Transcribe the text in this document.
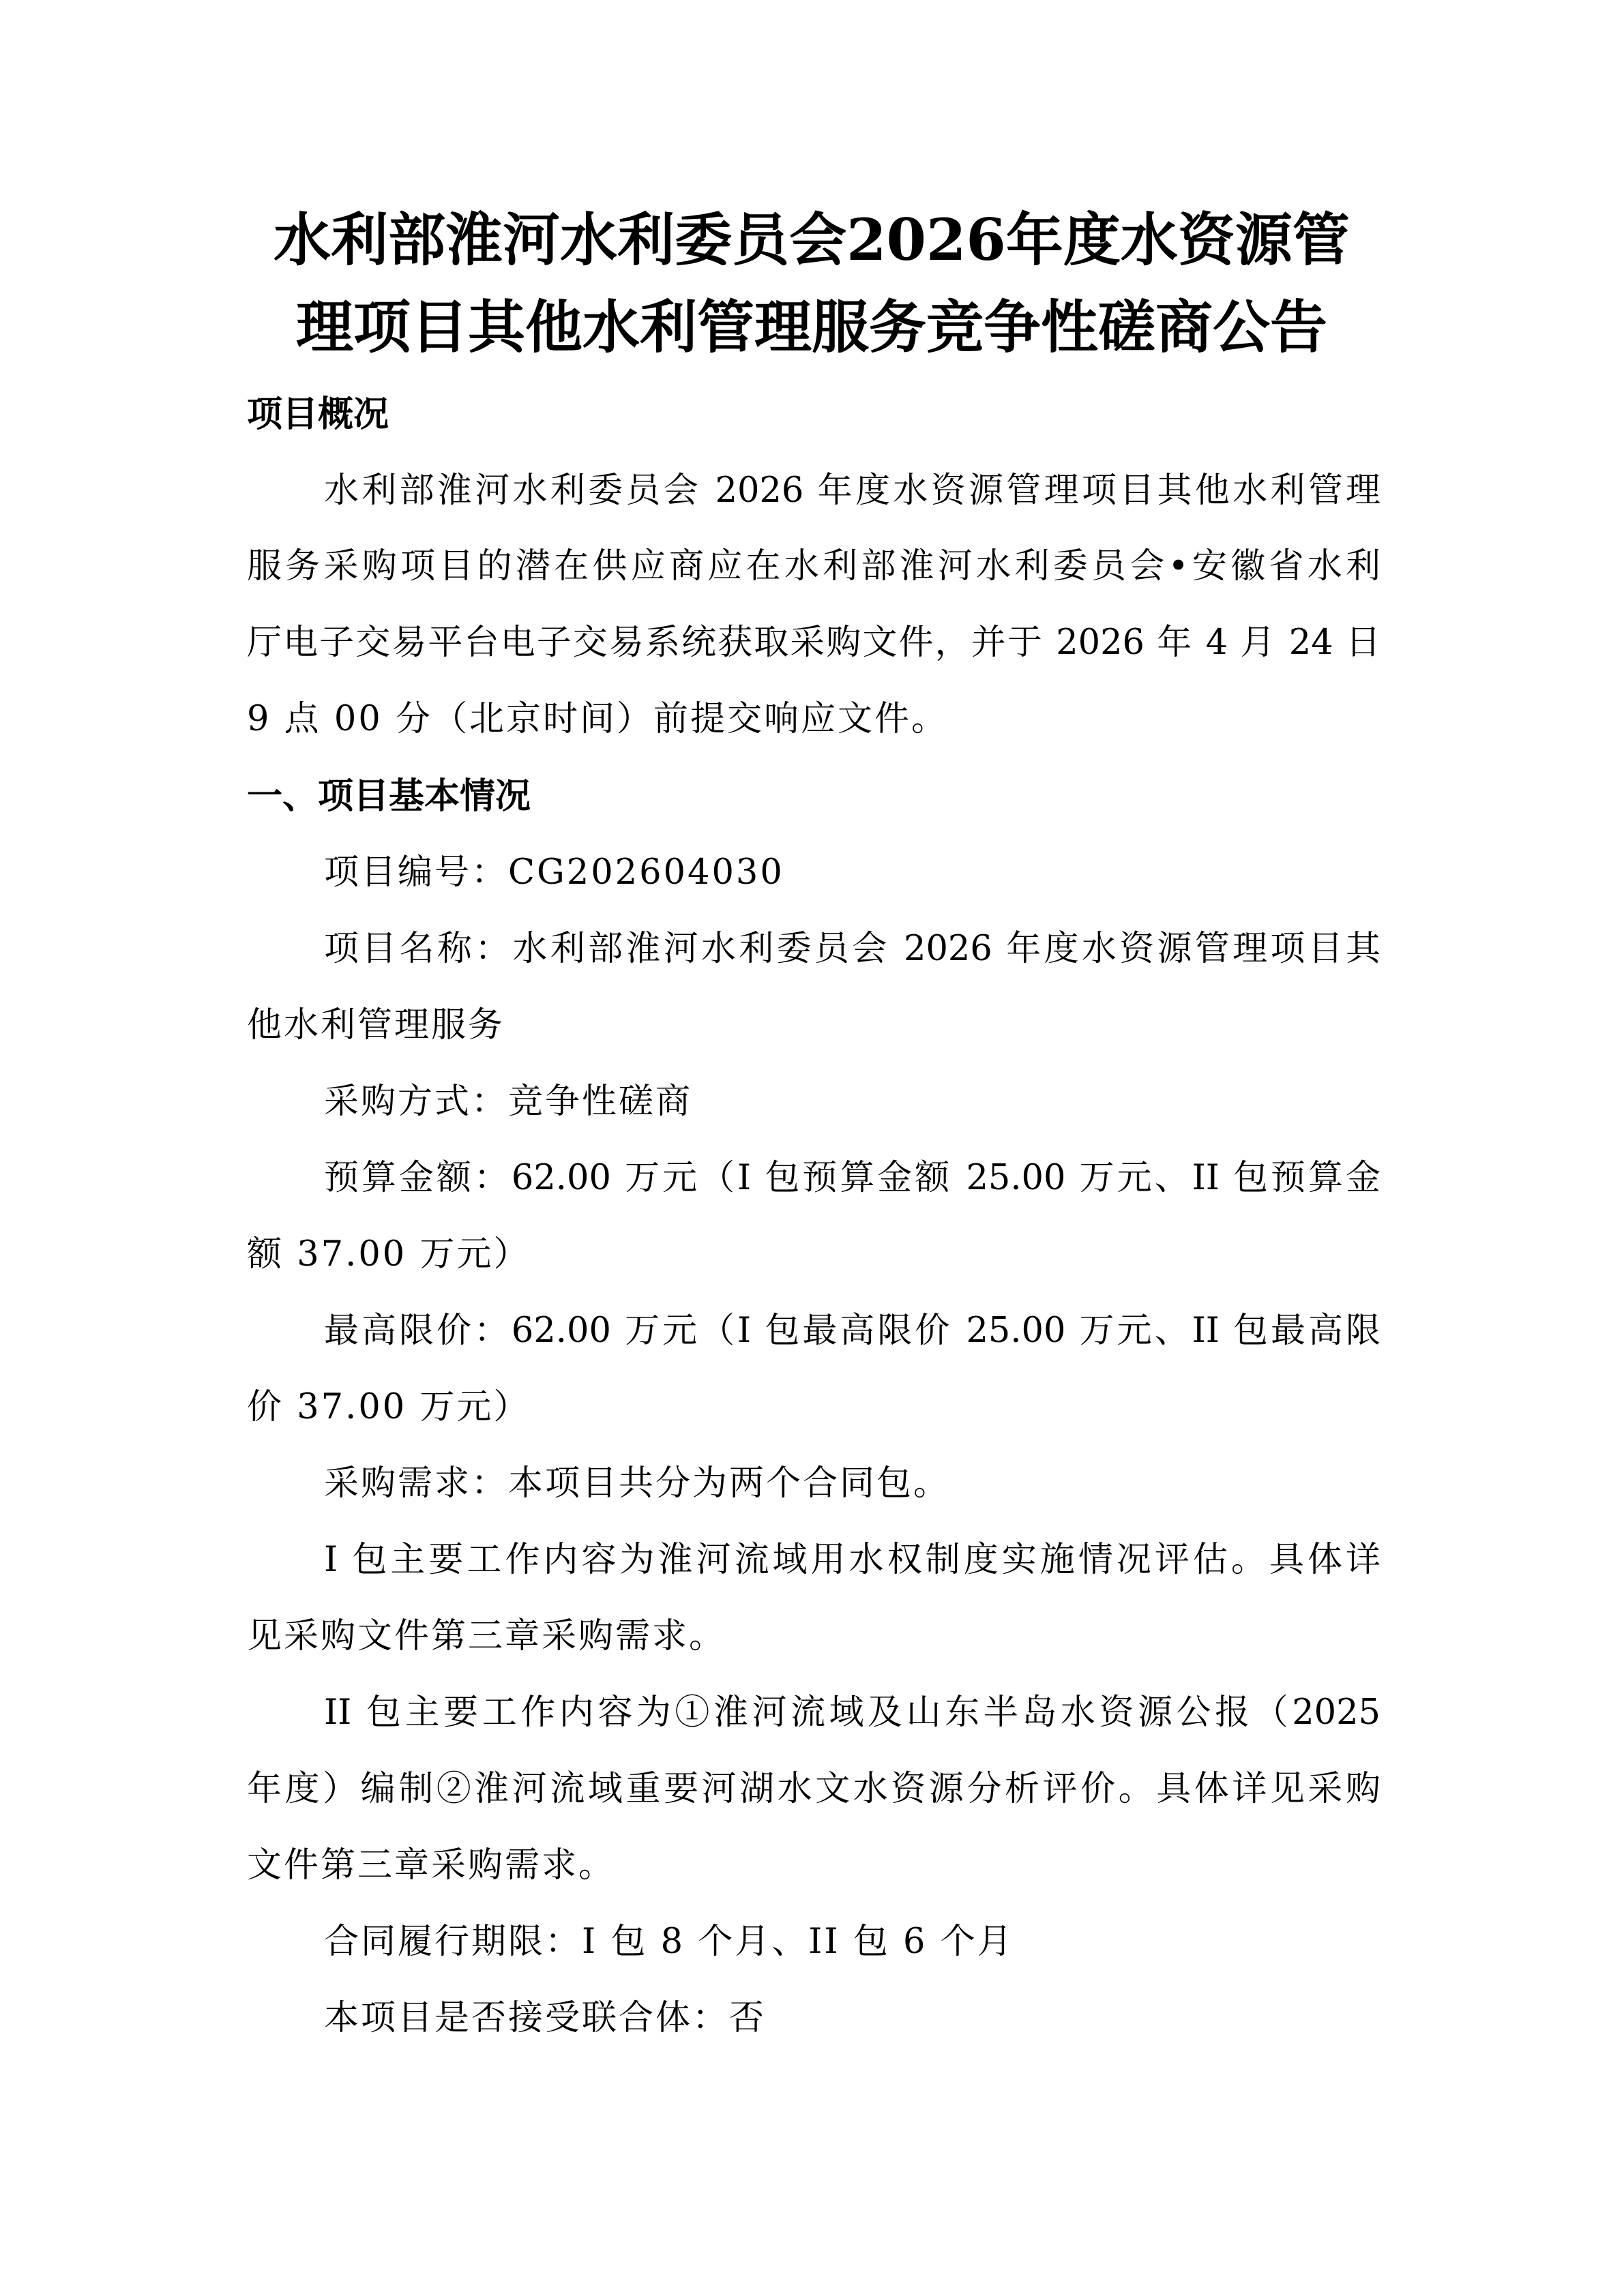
水利部淮河水利委员会2026年度水资源管
理项目其他水利管理服务竞争性磋商公告
项目概况

水利部淮河水利委员会 2026 年度水资源管理项目其他水利管理

服务采购项目的潜在供应商应在水利部淮河水利委员会•安徽省水利

厅电子交易平台电子交易系统获取采购文件，并于 2026 年 4 月 24 日

9 点 00 分（北京时间）前提交响应文件。

一、项目基本情况

项目编号：CG202604030

项目名称：水利部淮河水利委员会 2026 年度水资源管理项目其

他水利管理服务

采购方式：竞争性磋商

预算金额：62.00 万元（I 包预算金额 25.00 万元、II 包预算金

额 37.00 万元）

最高限价：62.00 万元（I 包最高限价 25.00 万元、II 包最高限

价 37.00 万元）

采购需求：本项目共分为两个合同包。

I 包主要工作内容为淮河流域用水权制度实施情况评估。具体详

见采购文件第三章采购需求。

II 包主要工作内容为①淮河流域及山东半岛水资源公报（2025

年度）编制②淮河流域重要河湖水文水资源分析评价。具体详见采购

文件第三章采购需求。

合同履行期限：I 包 8 个月、II 包 6 个月

本项目是否接受联合体：否
